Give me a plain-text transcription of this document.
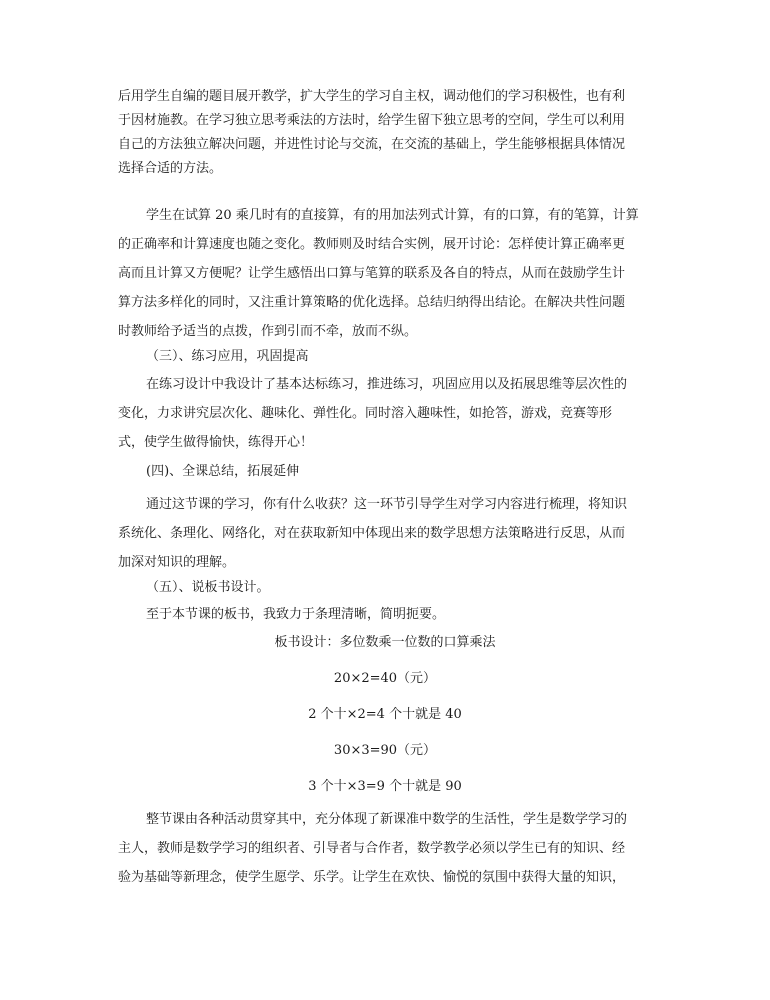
后用学生自编的题目展开教学，扩大学生的学习自主权，调动他们的学习积极性，也有利
于因材施教。在学习独立思考乘法的方法时，给学生留下独立思考的空间，学生可以利用
自己的方法独立解决问题，并进性讨论与交流，在交流的基础上，学生能够根据具体情况
选择合适的方法。
学生在试算 20 乘几时有的直接算，有的用加法列式计算，有的口算，有的笔算，计算
的正确率和计算速度也随之变化。教师则及时结合实例，展开讨论：怎样使计算正确率更
高而且计算又方便呢？让学生感悟出口算与笔算的联系及各自的特点，从而在鼓励学生计
算方法多样化的同时，又注重计算策略的优化选择。总结归纳得出结论。在解决共性问题
时教师给予适当的点拨，作到引而不牵，放而不纵。
（三）、练习应用，巩固提高
在练习设计中我设计了基本达标练习，推进练习，巩固应用以及拓展思维等层次性的
变化，力求讲究层次化、趣味化、弹性化。同时溶入趣味性，如抢答，游戏，竞赛等形
式，使学生做得愉快，练得开心！
(四)、全课总结，拓展延伸
通过这节课的学习，你有什么收获？这一环节引导学生对学习内容进行梳理，将知识
系统化、条理化、网络化，对在获取新知中体现出来的数学思想方法策略进行反思，从而
加深对知识的理解。
（五）、说板书设计。
至于本节课的板书，我致力于条理清晰，简明扼要。
板书设计：多位数乘一位数的口算乘法
20×2=40（元）
2 个十×2=4 个十就是 40
30×3=90（元）
3 个十×3=9 个十就是 90
整节课由各种活动贯穿其中，充分体现了新课准中数学的生活性，学生是数学学习的
主人，教师是数学学习的组织者、引导者与合作者，数学教学必须以学生已有的知识、经
验为基础等新理念，使学生愿学、乐学。让学生在欢快、愉悦的氛围中获得大量的知识，
